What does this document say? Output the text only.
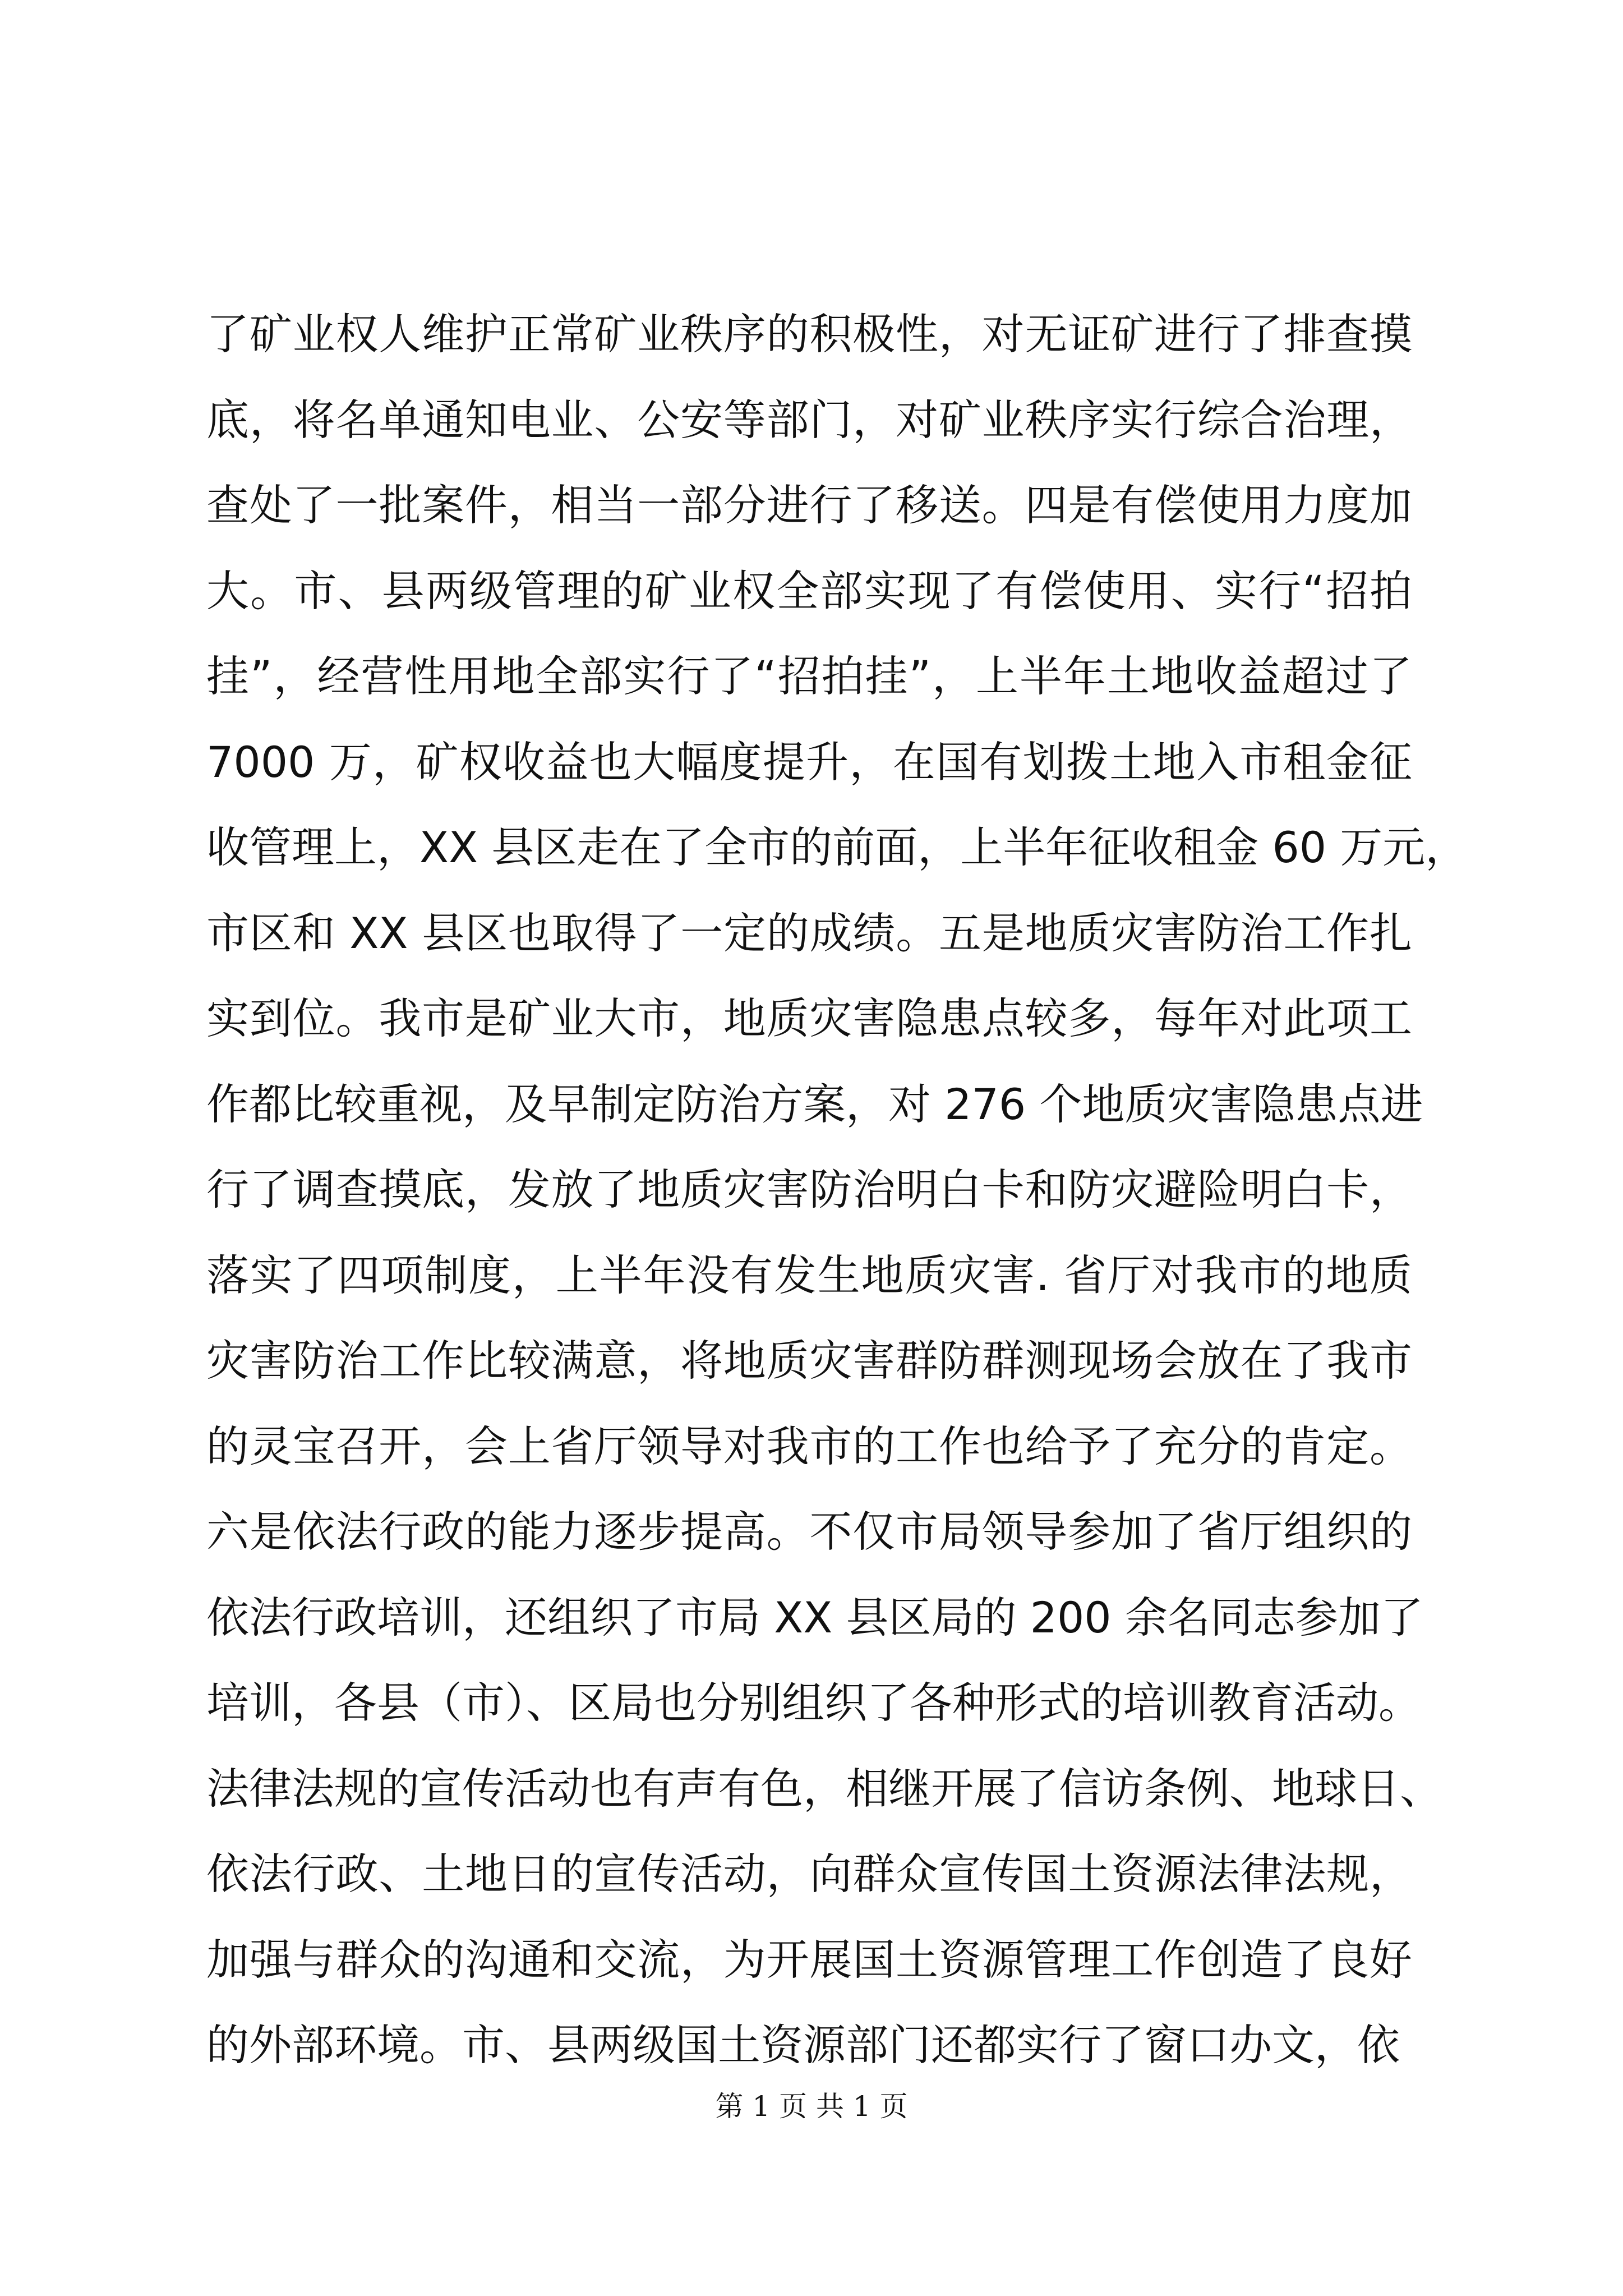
了矿业权人维护正常矿业秩序的积极性，对无证矿进行了排查摸
底，将名单通知电业、公安等部门，对矿业秩序实行综合治理，
查处了一批案件，相当一部分进行了移送。四是有偿使用力度加
大。市、县两级管理的矿业权全部实现了有偿使用、实行“招拍
挂”，经营性用地全部实行了“招拍挂”，上半年土地收益超过了
7000 万，矿权收益也大幅度提升，在国有划拨土地入市租金征
收管理上，XX 县区走在了全市的前面，上半年征收租金 60 万元，
市区和 XX 县区也取得了一定的成绩。五是地质灾害防治工作扎
实到位。我市是矿业大市，地质灾害隐患点较多，每年对此项工
作都比较重视，及早制定防治方案，对 276 个地质灾害隐患点进
行了调查摸底，发放了地质灾害防治明白卡和防灾避险明白卡，
落实了四项制度，上半年没有发生地质灾害. 省厅对我市的地质
灾害防治工作比较满意，将地质灾害群防群测现场会放在了我市
的灵宝召开，会上省厅领导对我市的工作也给予了充分的肯定。
六是依法行政的能力逐步提高。不仅市局领导参加了省厅组织的
依法行政培训，还组织了市局 XX 县区局的 200 余名同志参加了
培训，各县（市）、区局也分别组织了各种形式的培训教育活动。
法律法规的宣传活动也有声有色，相继开展了信访条例、地球日、
依法行政、土地日的宣传活动，向群众宣传国土资源法律法规，
加强与群众的沟通和交流，为开展国土资源管理工作创造了良好
的外部环境。市、县两级国土资源部门还都实行了窗口办文，依
第 1 页 共 1 页
